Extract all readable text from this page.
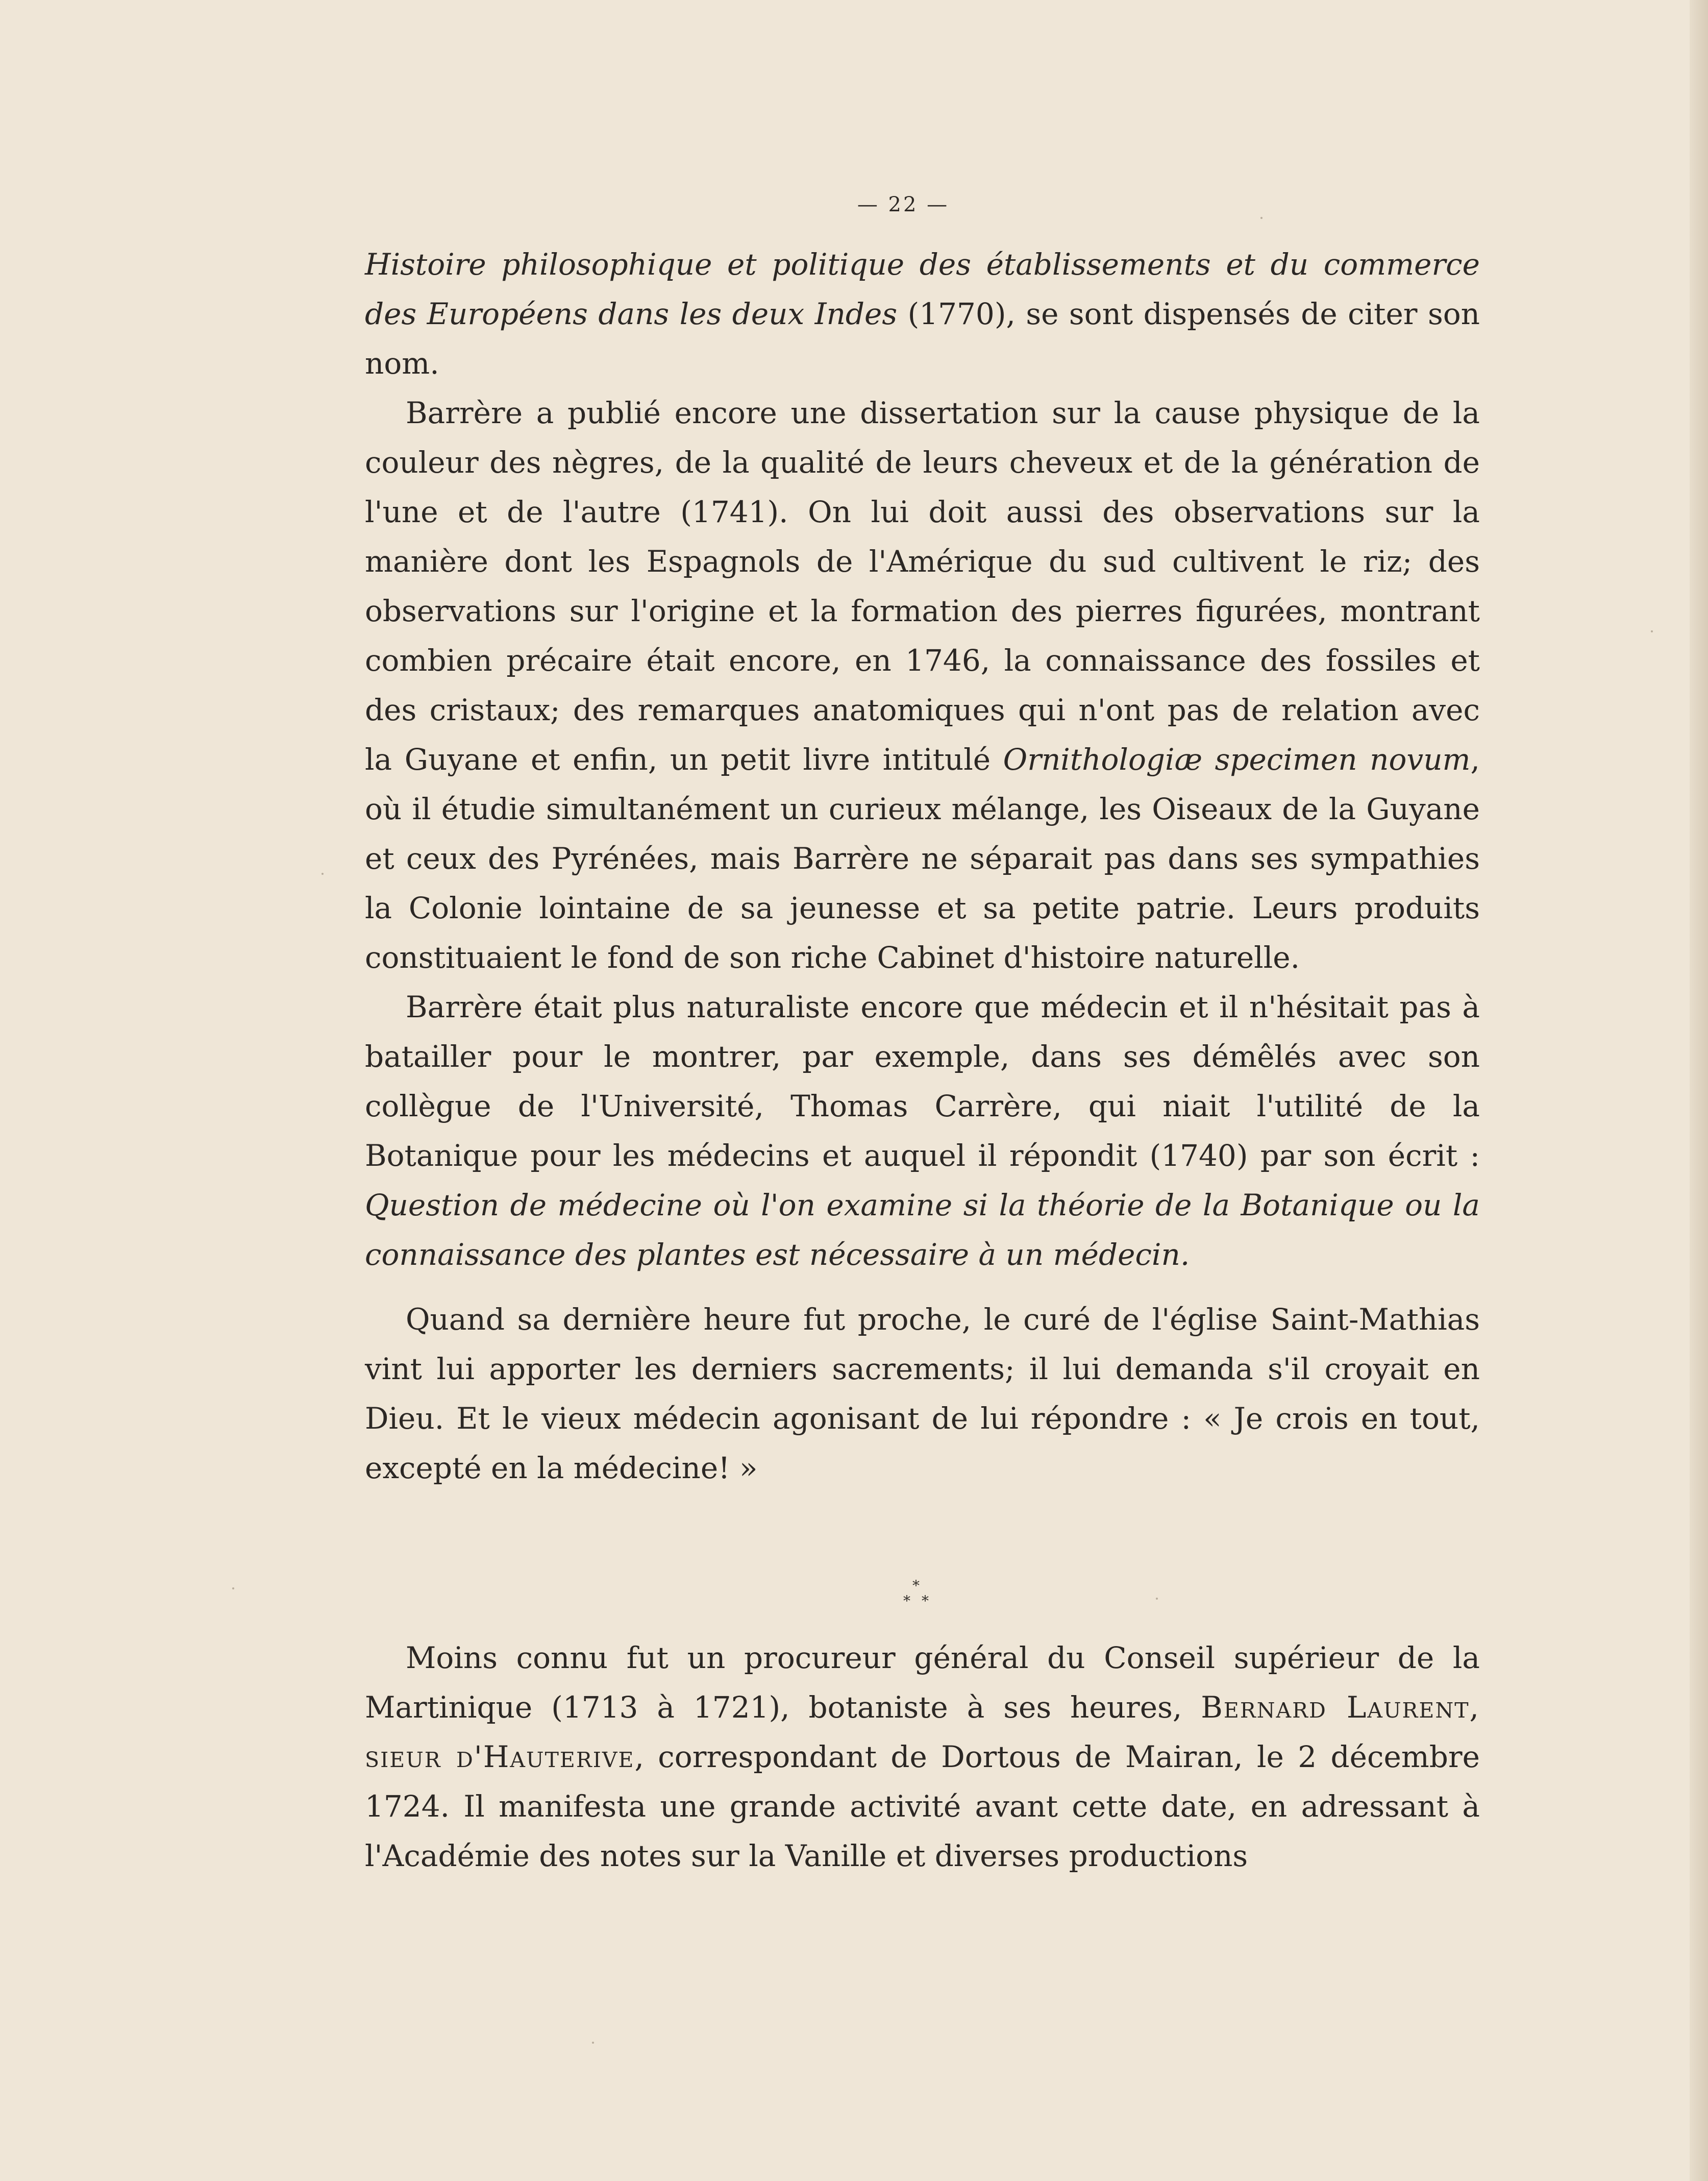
— 22 —

Histoire philosophique et politique des établissements et du commerce des Européens dans les deux Indes (1770), se sont dispensés de citer son nom.

Barrère a publié encore une dissertation sur la cause physique de la couleur des nègres, de la qualité de leurs cheveux et de la génération de l'une et de l'autre (1741). On lui doit aussi des observations sur la manière dont les Espagnols de l'Amérique du sud cultivent le riz; des observations sur l'origine et la formation des pierres figurées, montrant combien précaire était encore, en 1746, la connaissance des fossiles et des cristaux; des remarques anatomiques qui n'ont pas de relation avec la Guyane et enfin, un petit livre intitulé Ornithologiæ specimen novum, où il étudie simultanément un curieux mélange, les Oiseaux de la Guyane et ceux des Pyrénées, mais Barrère ne séparait pas dans ses sympathies la Colonie lointaine de sa jeunesse et sa petite patrie. Leurs produits constituaient le fond de son riche Cabinet d'histoire naturelle.

Barrère était plus naturaliste encore que médecin et il n'hésitait pas à batailler pour le montrer, par exemple, dans ses démêlés avec son collègue de l'Université, Thomas Carrère, qui niait l'utilité de la Botanique pour les médecins et auquel il répondit (1740) par son écrit : Question de médecine où l'on examine si la théorie de la Botanique ou la connaissance des plantes est nécessaire à un médecin.

Quand sa dernière heure fut proche, le curé de l'église Saint-Mathias vint lui apporter les derniers sacrements; il lui demanda s'il croyait en Dieu. Et le vieux médecin agonisant de lui répondre : « Je crois en tout, excepté en la médecine! »

*
* *

Moins connu fut un procureur général du Conseil supérieur de la Martinique (1713 à 1721), botaniste à ses heures, Bernard Laurent, sieur d'Hauterive, correspondant de Dortous de Mairan, le 2 décembre 1724. Il manifesta une grande activité avant cette date, en adressant à l'Académie des notes sur la Vanille et diverses productions
